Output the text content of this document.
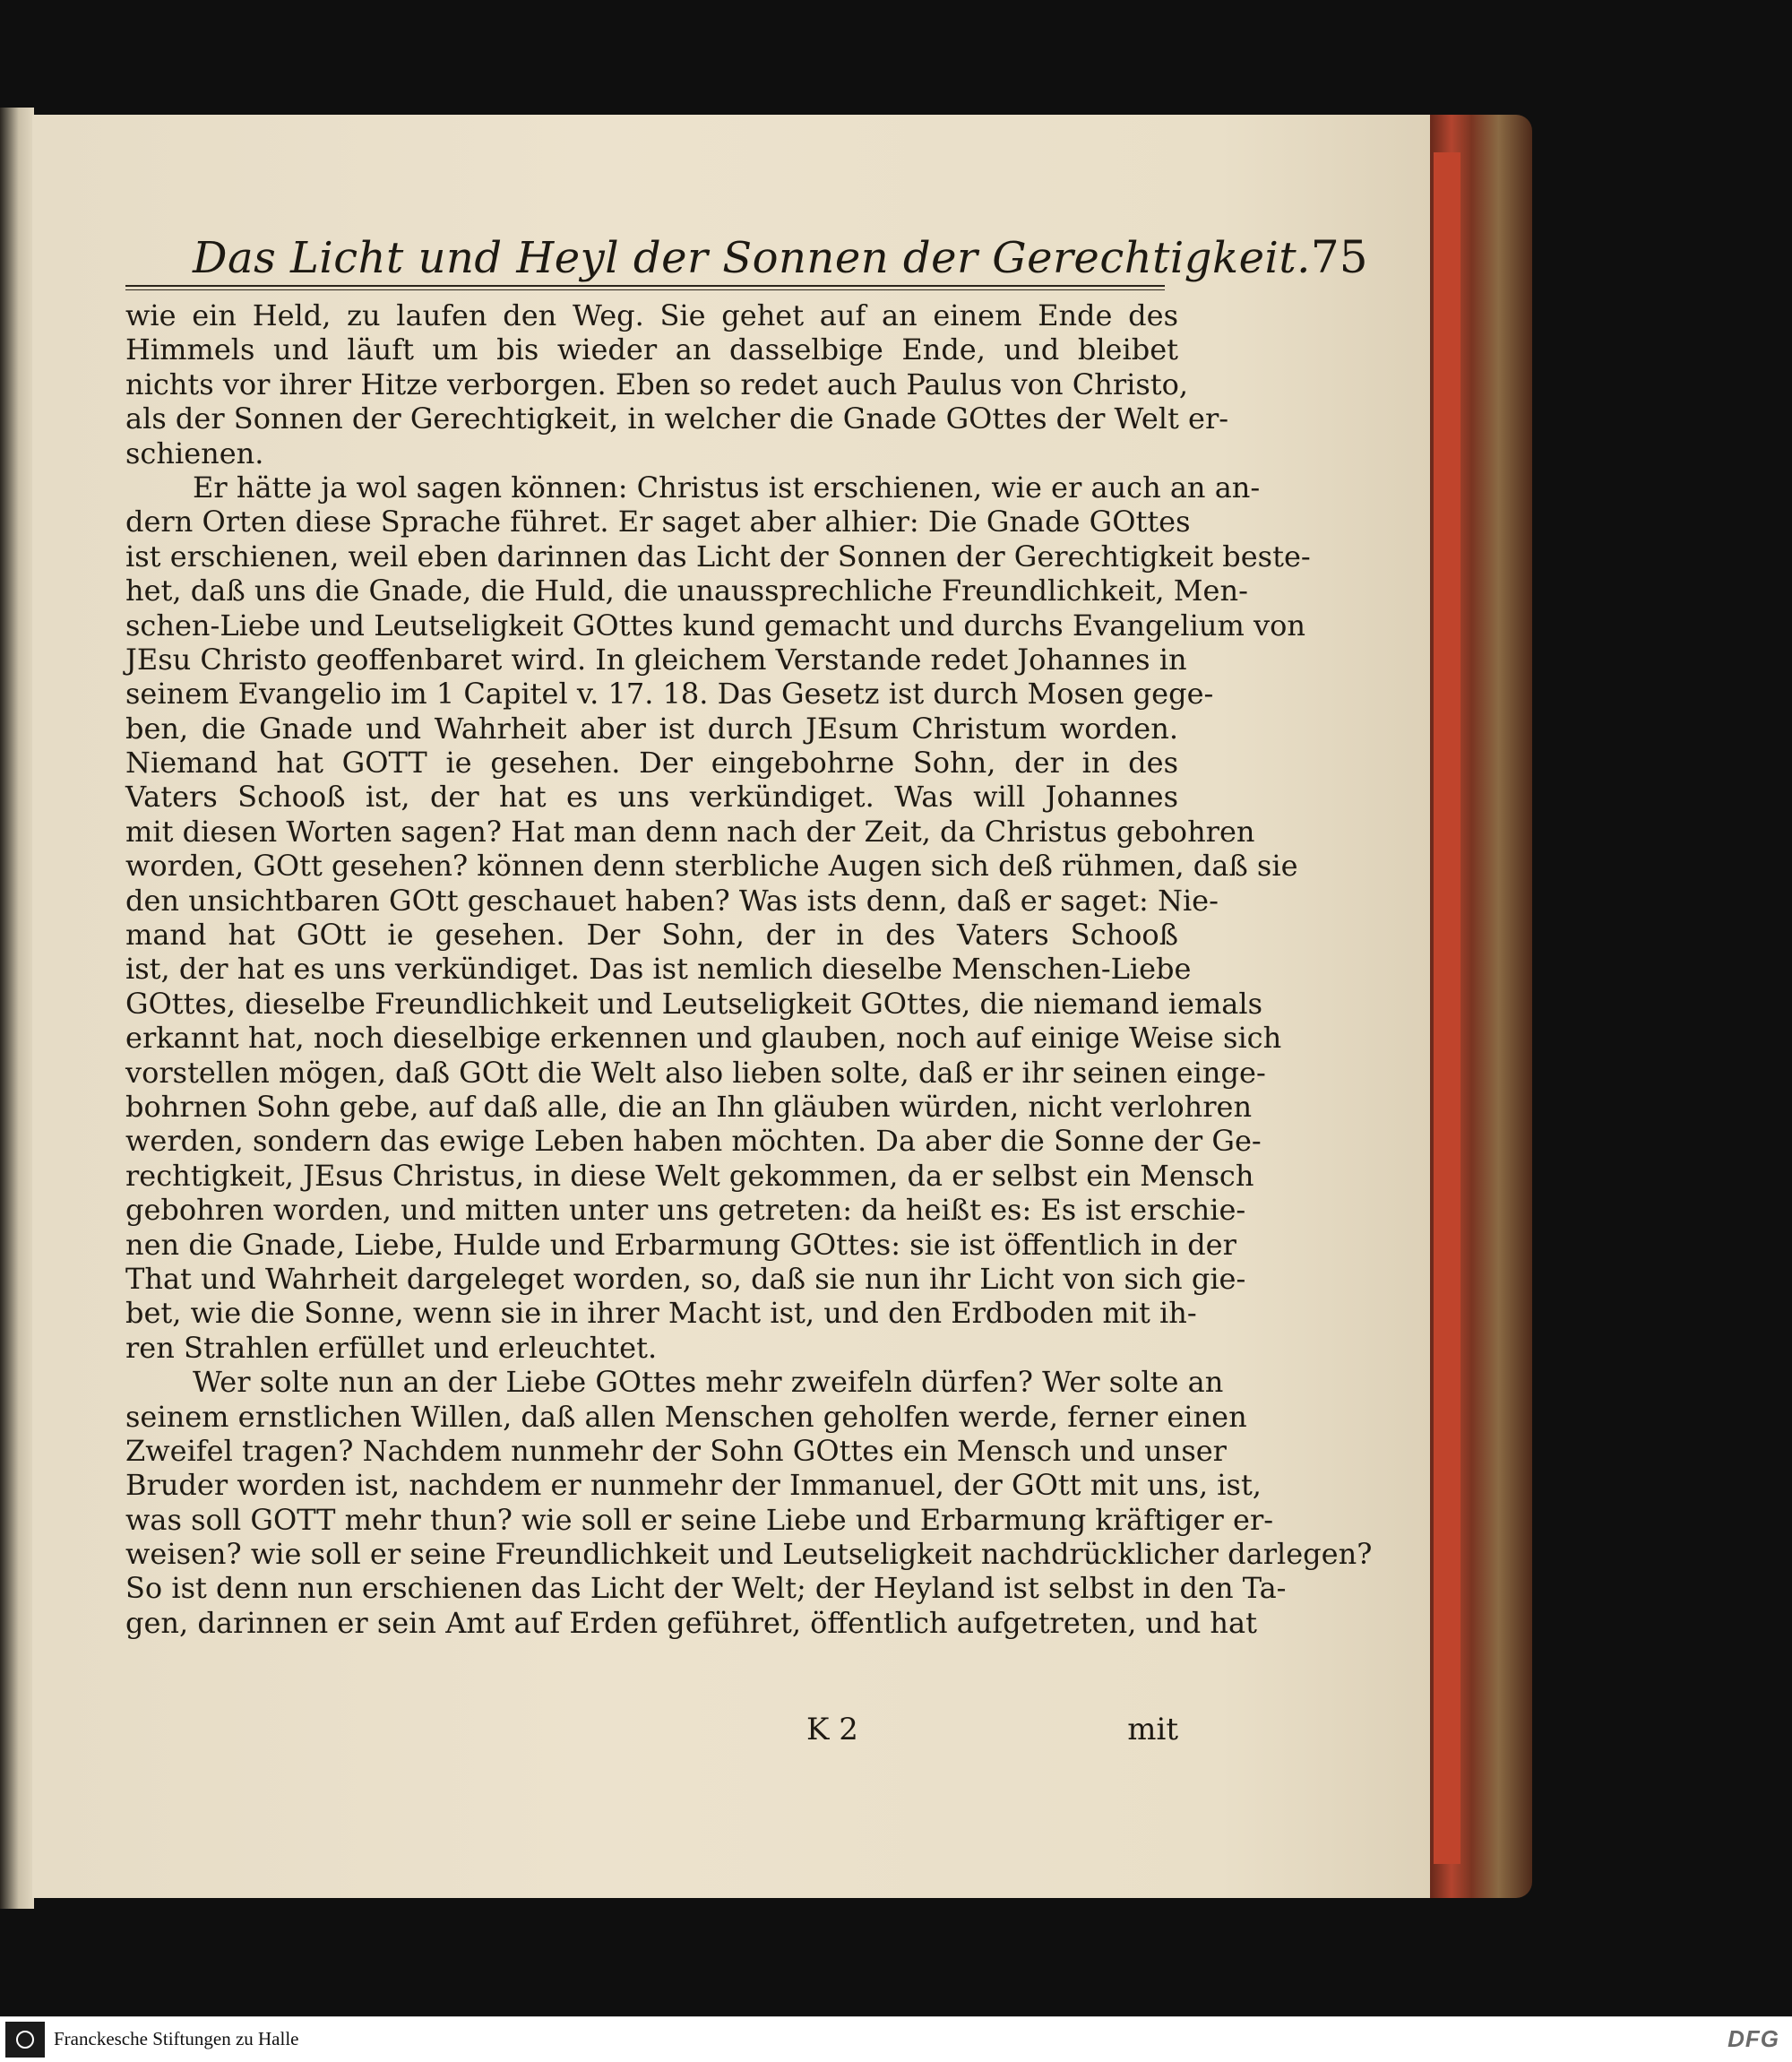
Das Licht und Heyl der Sonnen der Gerechtigkeit. 75
wie ein Held, zu laufen den Weg. Sie gehet auf an einem Ende des
Himmels und läuft um bis wieder an dasselbige Ende, und bleibet
nichts vor ihrer Hitze verborgen. Eben so redet auch Paulus von Christo,
als der Sonnen der Gerechtigkeit, in welcher die Gnade GOttes der Welt er-
schienen.
Er hätte ja wol sagen können: Christus ist erschienen, wie er auch an an-
dern Orten diese Sprache führet. Er saget aber alhier: Die Gnade GOttes
ist erschienen, weil eben darinnen das Licht der Sonnen der Gerechtigkeit beste-
het, daß uns die Gnade, die Huld, die unaussprechliche Freundlichkeit, Men-
schen-Liebe und Leutseligkeit GOttes kund gemacht und durchs Evangelium von
JEsu Christo geoffenbaret wird. In gleichem Verstande redet Johannes in
seinem Evangelio im 1 Capitel v. 17. 18. Das Gesetz ist durch Mosen gege-
ben, die Gnade und Wahrheit aber ist durch JEsum Christum worden.
Niemand hat GOTT ie gesehen. Der eingebohrne Sohn, der in des
Vaters Schooß ist, der hat es uns verkündiget. Was will Johannes
mit diesen Worten sagen? Hat man denn nach der Zeit, da Christus gebohren
worden, GOtt gesehen? können denn sterbliche Augen sich deß rühmen, daß sie
den unsichtbaren GOtt geschauet haben? Was ists denn, daß er saget: Nie-
mand hat GOtt ie gesehen. Der Sohn, der in des Vaters Schooß
ist, der hat es uns verkündiget. Das ist nemlich dieselbe Menschen-Liebe
GOttes, dieselbe Freundlichkeit und Leutseligkeit GOttes, die niemand iemals
erkannt hat, noch dieselbige erkennen und glauben, noch auf einige Weise sich
vorstellen mögen, daß GOtt die Welt also lieben solte, daß er ihr seinen einge-
bohrnen Sohn gebe, auf daß alle, die an Ihn gläuben würden, nicht verlohren
werden, sondern das ewige Leben haben möchten. Da aber die Sonne der Ge-
rechtigkeit, JEsus Christus, in diese Welt gekommen, da er selbst ein Mensch
gebohren worden, und mitten unter uns getreten: da heißt es: Es ist erschie-
nen die Gnade, Liebe, Hulde und Erbarmung GOttes: sie ist öffentlich in der
That und Wahrheit dargeleget worden, so, daß sie nun ihr Licht von sich gie-
bet, wie die Sonne, wenn sie in ihrer Macht ist, und den Erdboden mit ih-
ren Strahlen erfüllet und erleuchtet.
Wer solte nun an der Liebe GOttes mehr zweifeln dürfen? Wer solte an
seinem ernstlichen Willen, daß allen Menschen geholfen werde, ferner einen
Zweifel tragen? Nachdem nunmehr der Sohn GOttes ein Mensch und unser
Bruder worden ist, nachdem er nunmehr der Immanuel, der GOtt mit uns, ist,
was soll GOTT mehr thun? wie soll er seine Liebe und Erbarmung kräftiger er-
weisen? wie soll er seine Freundlichkeit und Leutseligkeit nachdrücklicher darlegen?
So ist denn nun erschienen das Licht der Welt; der Heyland ist selbst in den Ta-
gen, darinnen er sein Amt auf Erden geführet, öffentlich aufgetreten, und hat
K 2	mit
Franckesche Stiftungen zu Halle	DFG
